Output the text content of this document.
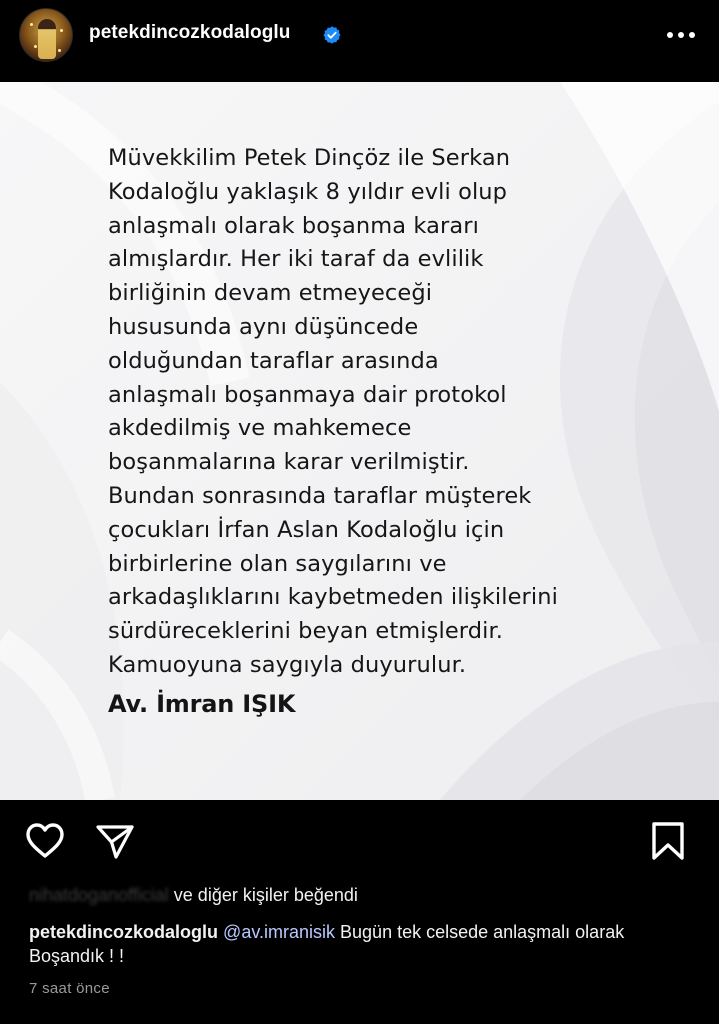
petekdincozkodaloglu

Müvekkilim Petek Dinçöz ile Serkan
Kodaloğlu yaklaşık 8 yıldır evli olup
anlaşmalı olarak boşanma kararı
almışlardır. Her iki taraf da evlilik
birliğinin devam etmeyeceği
hususunda aynı düşüncede
olduğundan taraflar arasında
anlaşmalı boşanmaya dair protokol
akdedilmiş ve mahkemece
boşanmalarına karar verilmiştir.
Bundan sonrasında taraflar müşterek
çocukları İrfan Aslan Kodaloğlu için
birbirlerine olan saygılarını ve
arkadaşlıklarını kaybetmeden ilişkilerini
sürdüreceklerini beyan etmişlerdir.
Kamuoyuna saygıyla duyurulur.

Av. İmran IŞIK
nihatdoganofficial ve diğer kişiler beğendi
petekdincozkodaloglu @av.imranisik Bugün tek celsede anlaşmalı olarak Boşandık ! !
7 saat önce
